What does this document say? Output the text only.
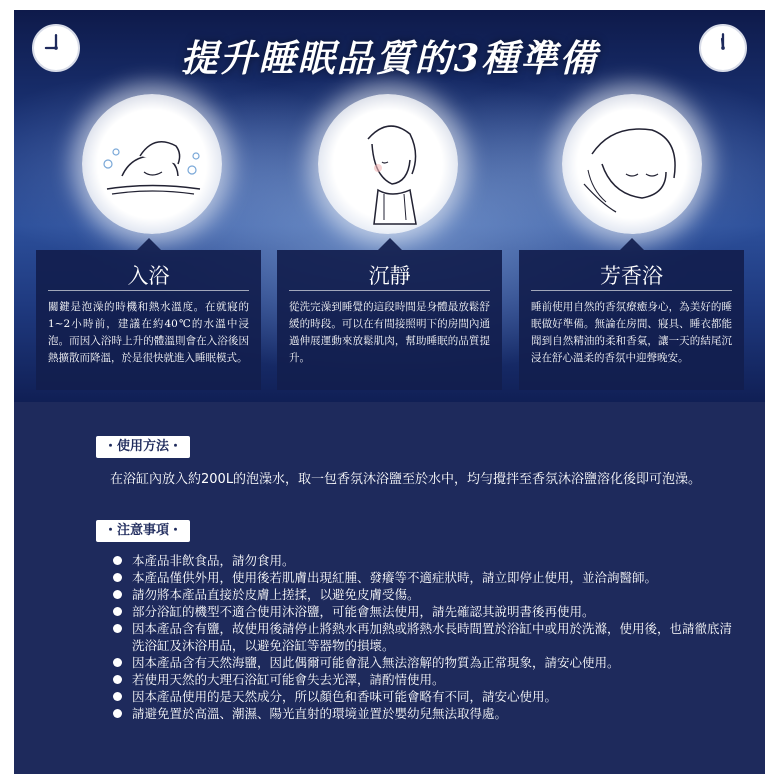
提升睡眠品質的3種準備
入浴
關鍵是泡澡的時機和熱水溫度。在就寢的1~2小時前，建議在約40℃的水溫中浸泡。而因入浴時上升的體溫則會在入浴後因熱擴散而降溫，於是很快就進入睡眠模式。
沉靜
從洗完澡到睡覺的這段時間是身體最放鬆舒緩的時段。可以在有間接照明下的房間內通過伸展運動來放鬆肌肉，幫助睡眠的品質提升。
芳香浴
睡前使用自然的香氛療癒身心，為美好的睡眠做好準備。無論在房間、寢具、睡衣都能聞到自然精油的柔和香氣，讓一天的結尾沉浸在舒心溫柔的香氛中迎聲晚安。
・使用方法・
在浴缸內放入約200L的泡澡水，取一包香氛沐浴鹽至於水中，均勻攪拌至香氛沐浴鹽溶化後即可泡澡。
・注意事項・
本產品非飲食品，請勿食用。
本產品僅供外用，使用後若肌膚出現紅腫、發癢等不適症狀時，請立即停止使用，並洽詢醫師。
請勿將本產品直接於皮膚上搓揉，以避免皮膚受傷。
部分浴缸的機型不適合使用沐浴鹽，可能會無法使用，請先確認其說明書後再使用。
因本產品含有鹽，故使用後請停止將熱水再加熱或將熱水長時間置於浴缸中或用於洗滌，使用後，也請徹底清洗浴缸及沐浴用品，以避免浴缸等器物的損壞。
因本產品含有天然海鹽，因此偶爾可能會混入無法溶解的物質為正常現象，請安心使用。
若使用天然的大理石浴缸可能會失去光澤，請酌情使用。
因本產品使用的是天然成分，所以顏色和香味可能會略有不同，請安心使用。
請避免置於高溫、潮濕、陽光直射的環境並置於嬰幼兒無法取得處。
